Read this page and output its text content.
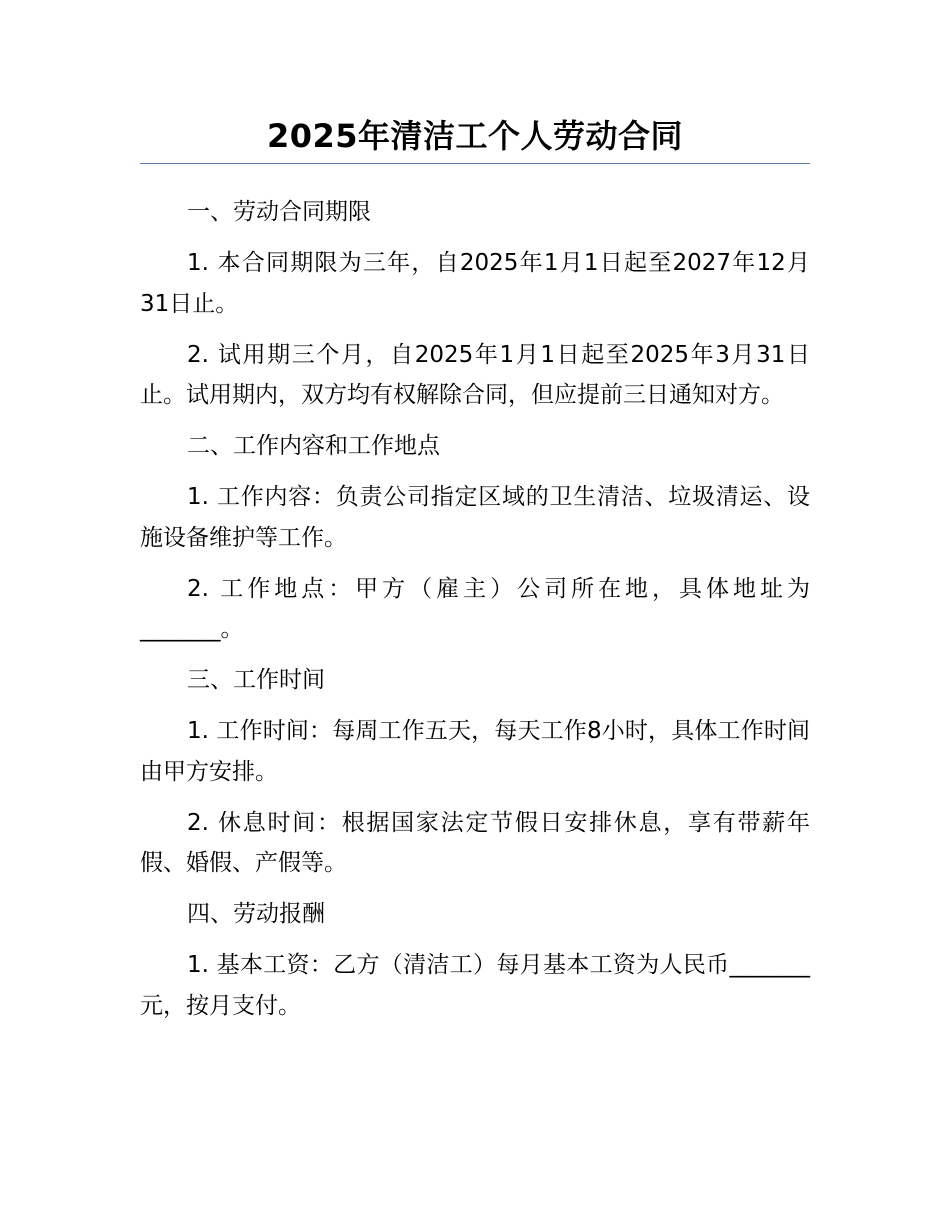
2025年清洁工个人劳动合同

一、劳动合同期限

1. 本合同期限为三年，自2025年1月1日起至2027年12月31日止。

2. 试用期三个月，自2025年1月1日起至2025年3月31日止。试用期内，双方均有权解除合同，但应提前三日通知对方。

二、工作内容和工作地点

1. 工作内容：负责公司指定区域的卫生清洁、垃圾清运、设施设备维护等工作。

2. 工作地点：甲方（雇主）公司所在地，具体地址为_______。

三、工作时间

1. 工作时间：每周工作五天，每天工作8小时，具体工作时间由甲方安排。

2. 休息时间：根据国家法定节假日安排休息，享有带薪年假、婚假、产假等。

四、劳动报酬

1. 基本工资：乙方（清洁工）每月基本工资为人民币_______元，按月支付。
